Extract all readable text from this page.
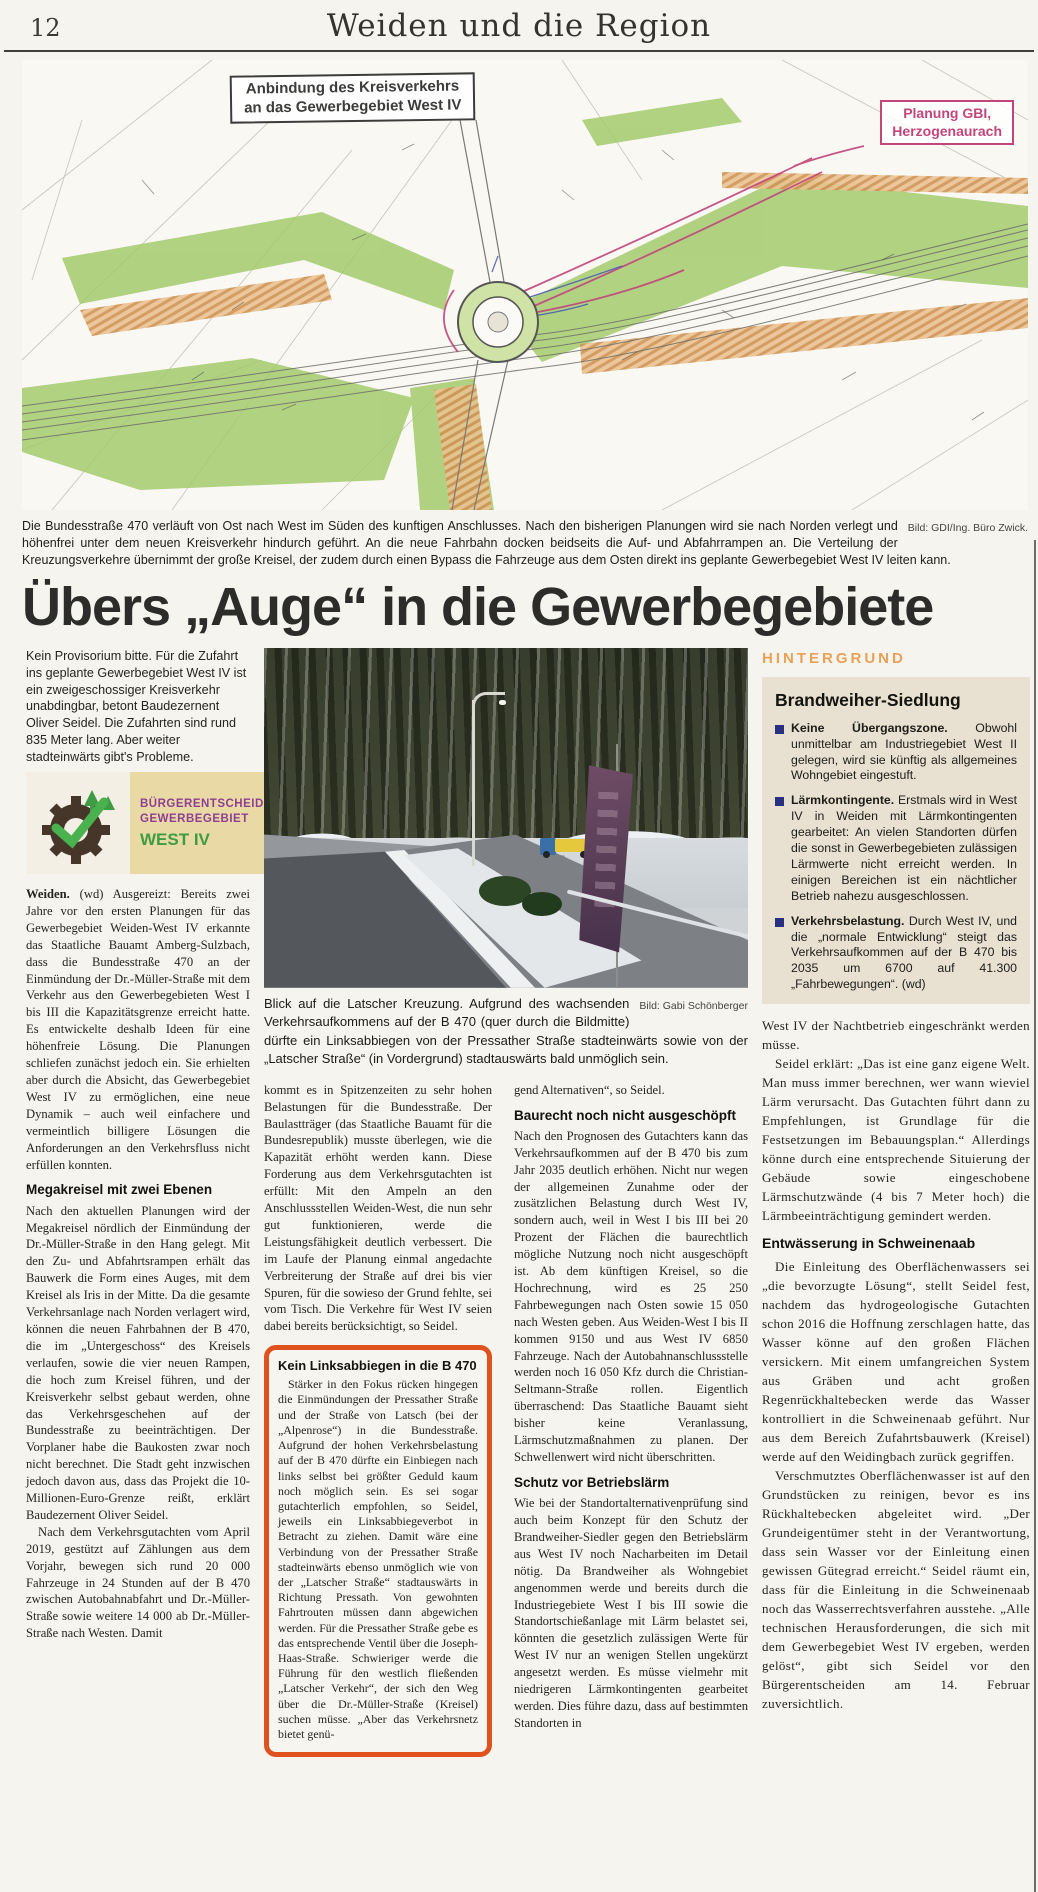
12	Weiden und die Region
Anbindung des Kreisverkehrs
an das Gewerbegebiet West IV	Planung GBI,
Herzogenaurach

Bild: GDI/Ing. Büro Zwick.
Die Bundesstraße 470 verläuft von Ost nach West im Süden des kunftigen Anschlusses. Nach den bisherigen Planungen wird sie nach Norden verlegt und höhenfrei unter dem neuen Kreisverkehr hindurch geführt. An die neue Fahrbahn docken beidseits die Auf- und Abfahrrampen an. Die Verteilung der Kreuzungsverkehre übernimmt der große Kreisel, der zudem durch einen Bypass die Fahrzeuge aus dem Osten direkt ins geplante Gewerbegebiet West IV leiten kann.

Übers „Auge“ in die Gewerbegebiete

Kein Provisorium bitte. Für die Zufahrt ins geplante Gewerbegebiet West IV ist ein zweigeschossiger Kreisverkehr unabdingbar, betont Baudezernent Oliver Seidel. Die Zufahrten sind rund 835 Meter lang. Aber weiter stadteinwärts gibt's Probleme.

BÜRGERENTSCHEID
GEWERBEGEBIET
WEST IV

Weiden. (wd) Ausgereizt: Bereits zwei Jahre vor den ersten Planungen für das Gewerbegebiet Weiden-West IV erkannte das Staatliche Bauamt Amberg-Sulzbach, dass die Bundesstraße 470 an der Einmündung der Dr.-Müller-Straße mit dem Verkehr aus den Gewerbegebieten West I bis III die Kapazitätsgrenze erreicht hatte. Es entwickelte deshalb Ideen für eine höhenfreie Lösung. Die Planungen schliefen zunächst jedoch ein. Sie erhielten aber durch die Absicht, das Gewerbegebiet West IV zu ermöglichen, eine neue Dynamik – auch weil einfachere und vermeintlich billigere Lösungen die Anforderungen an den Verkehrsfluss nicht erfüllen konnten.

Megakreisel mit zwei Ebenen

Nach den aktuellen Planungen wird der Megakreisel nördlich der Einmündung der Dr.-Müller-Straße in den Hang gelegt. Mit den Zu- und Abfahrtsrampen erhält das Bauwerk die Form eines Auges, mit dem Kreisel als Iris in der Mitte. Da die gesamte Verkehrsanlage nach Norden verlagert wird, können die neuen Fahrbahnen der B 470, die im „Untergeschoss“ des Kreisels verlaufen, sowie die vier neuen Rampen, die hoch zum Kreisel führen, und der Kreisverkehr selbst gebaut werden, ohne das Verkehrsgeschehen auf der Bundesstraße zu beeinträchtigen. Der Vorplaner habe die Baukosten zwar noch nicht berechnet. Die Stadt geht inzwischen jedoch davon aus, dass das Projekt die 10-Millionen-Euro-Grenze reißt, erklärt Baudezernent Oliver Seidel.

Nach dem Verkehrsgutachten vom April 2019, gestützt auf Zählungen aus dem Vorjahr, bewegen sich rund 20 000 Fahrzeuge in 24 Stunden auf der B 470 zwischen Autobahnabfahrt und Dr.-Müller-Straße sowie weitere 14 000 ab Dr.-Müller-Straße nach Westen. Damit

Bild: Gabi Schönberger
Blick auf die Latscher Kreuzung. Aufgrund des wachsenden Verkehrsaufkommens auf der B 470 (quer durch die Bildmitte) dürfte ein Linksabbiegen von der Pressather Straße stadteinwärts sowie von der „Latscher Straße“ (in Vordergrund) stadtauswärts bald unmöglich sein.

kommt es in Spitzenzeiten zu sehr hohen Belastungen für die Bundesstraße. Der Baulastträger (das Staatliche Bauamt für die Bundesrepublik) musste überlegen, wie die Kapazität erhöht werden kann. Diese Forderung aus dem Verkehrsgutachten ist erfüllt: Mit den Ampeln an den Anschlussstellen Weiden-West, die nun sehr gut funktionieren, werde die Leistungsfähigkeit deutlich verbessert. Die im Laufe der Planung einmal angedachte Verbreiterung der Straße auf drei bis vier Spuren, für die sowieso der Grund fehlte, sei vom Tisch. Die Verkehre für West IV seien dabei bereits berücksichtigt, so Seidel.

Kein Linksabbiegen in die B 470

Stärker in den Fokus rücken hingegen die Einmündungen der Pressather Straße und der Straße von Latsch (bei der „Alpenrose“) in die Bundesstraße. Aufgrund der hohen Verkehrsbelastung auf der B 470 dürfte ein Einbiegen nach links selbst bei größter Geduld kaum noch möglich sein. Es sei sogar gutachterlich empfohlen, so Seidel, jeweils ein Linksabbiegeverbot in Betracht zu ziehen. Damit wäre eine Verbindung von der Pressather Straße stadteinwärts ebenso unmöglich wie von der „Latscher Straße“ stadtauswärts in Richtung Pressath. Von gewohnten Fahrtrouten müssen dann abgewichen werden. Für die Pressather Straße gebe es das entsprechende Ventil über die Joseph-Haas-Straße. Schwieriger werde die Führung für den westlich fließenden „Latscher Verkehr“, der sich den Weg über die Dr.-Müller-Straße (Kreisel) suchen müsse. „Aber das Verkehrsnetz bietet genü-

gend Alternativen“, so Seidel.

Baurecht noch nicht ausgeschöpft

Nach den Prognosen des Gutachters kann das Verkehrsaufkommen auf der B 470 bis zum Jahr 2035 deutlich erhöhen. Nicht nur wegen der allgemeinen Zunahme oder der zusätzlichen Belastung durch West IV, sondern auch, weil in West I bis III bei 20 Prozent der Flächen die baurechtlich mögliche Nutzung noch nicht ausgeschöpft ist. Ab dem künftigen Kreisel, so die Hochrechnung, wird es 25 250 Fahrbewegungen nach Osten sowie 15 050 nach Westen geben. Aus Weiden-West I bis II kommen 9150 und aus West IV 6850 Fahrzeuge. Nach der Autobahnanschlussstelle werden noch 16 050 Kfz durch die Christian-Seltmann-Straße rollen. Eigentlich überraschend: Das Staatliche Bauamt sieht bisher keine Veranlassung, Lärmschutzmaßnahmen zu planen. Der Schwellenwert wird nicht überschritten.

Schutz vor Betriebslärm

Wie bei der Standortalternativenprüfung sind auch beim Konzept für den Schutz der Brandweiher-Siedler gegen den Betriebslärm aus West IV noch Nacharbeiten im Detail nötig. Da Brandweiher als Wohngebiet angenommen werde und bereits durch die Industriegebiete West I bis III sowie die Standortschießanlage mit Lärm belastet sei, könnten die gesetzlich zulässigen Werte für West IV nur an wenigen Stellen ungekürzt angesetzt werden. Es müsse vielmehr mit niedrigeren Lärmkontingenten gearbeitet werden. Dies führe dazu, dass auf bestimmten Standorten in

HINTERGRUND
Brandweiher-Siedlung

Keine Übergangszone. Obwohl unmittelbar am Industriegebiet West II gelegen, wird sie künftig als allgemeines Wohngebiet eingestuft.

Lärmkontingente. Erstmals wird in West IV in Weiden mit Lärmkontingenten gearbeitet: An vielen Standorten dürfen die sonst in Gewerbegebieten zulässigen Lärmwerte nicht erreicht werden. In einigen Bereichen ist ein nächtlicher Betrieb nahezu ausgeschlossen.

Verkehrsbelastung. Durch West IV, und die „normale Entwicklung“ steigt das Verkehrsaufkommen auf der B 470 bis 2035 um 6700 auf 41.300 „Fahrbewegungen“. (wd)

West IV der Nachtbetrieb eingeschränkt werden müsse.

Seidel erklärt: „Das ist eine ganz eigene Welt. Man muss immer berechnen, wer wann wieviel Lärm verursacht. Das Gutachten führt dann zu Empfehlungen, ist Grundlage für die Festsetzungen im Bebauungsplan.“ Allerdings könne durch eine entsprechende Situierung der Gebäude sowie eingeschobene Lärmschutzwände (4 bis 7 Meter hoch) die Lärmbeeinträchtigung gemindert werden.

Entwässerung in Schweinenaab

Die Einleitung des Oberflächenwassers sei „die bevorzugte Lösung“, stellt Seidel fest, nachdem das hydrogeologische Gutachten schon 2016 die Hoffnung zerschlagen hatte, das Wasser könne auf den großen Flächen versickern. Mit einem umfangreichen System aus Gräben und acht großen Regenrückhaltebecken werde das Wasser kontrolliert in die Schweinenaab geführt. Nur aus dem Bereich Zufahrtsbauwerk (Kreisel) werde auf den Weidingbach zurück gegriffen.

Verschmutztes Oberflächenwasser ist auf den Grundstücken zu reinigen, bevor es ins Rückhaltebecken abgeleitet wird. „Der Grundeigentümer steht in der Verantwortung, dass sein Wasser vor der Einleitung einen gewissen Gütegrad erreicht.“ Seidel räumt ein, dass für die Einleitung in die Schweinenaab noch das Wasserrechtsverfahren ausstehe. „Alle technischen Herausforderungen, die sich mit dem Gewerbegebiet West IV ergeben, werden gelöst“, gibt sich Seidel vor den Bürgerentscheiden am 14. Februar zuversichtlich.
